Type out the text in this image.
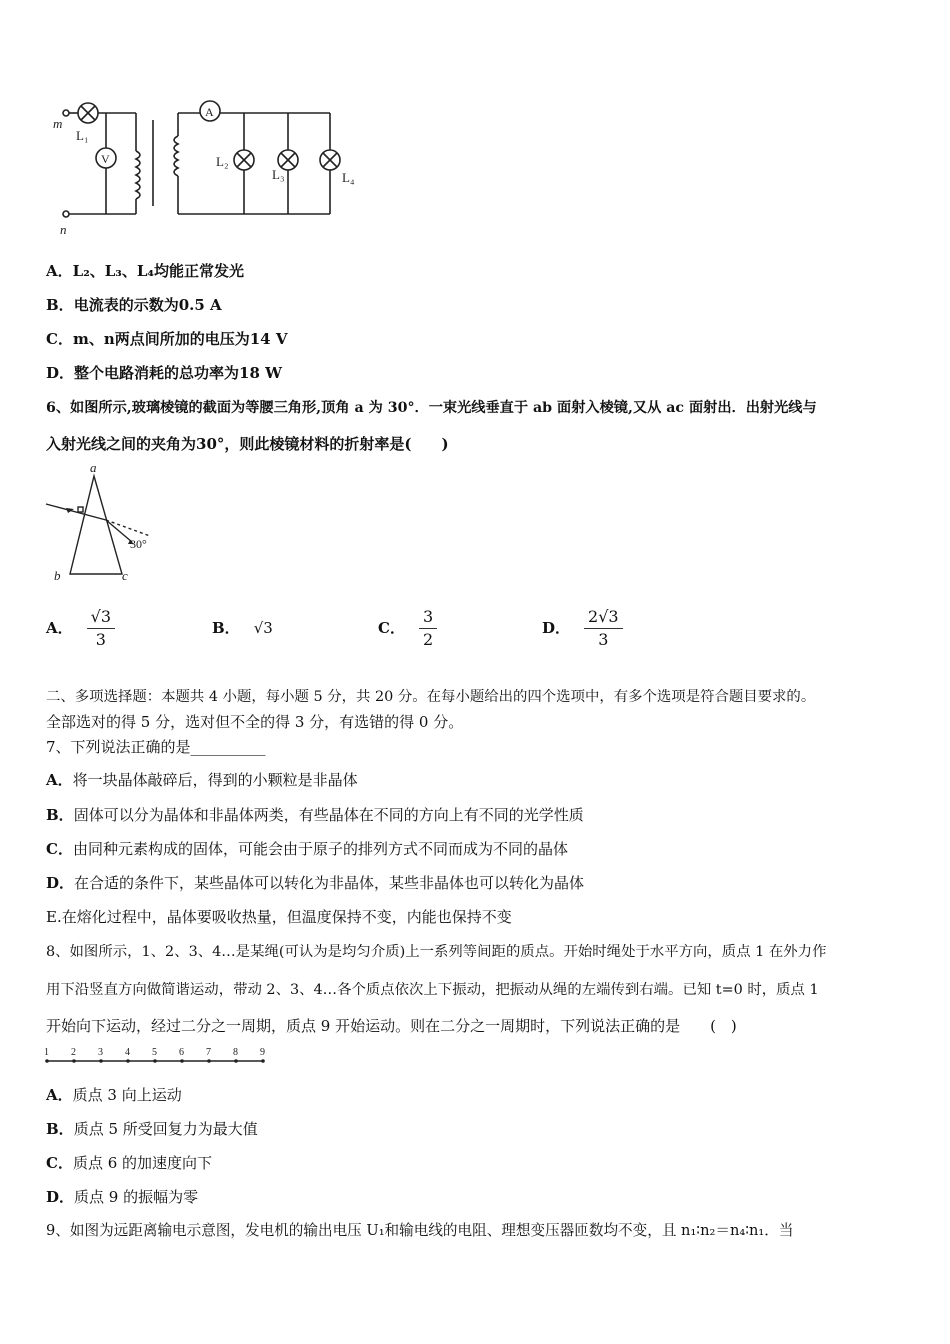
m
n
L₁
V
A
L₂
L₃	L₄
A．L₂、L₃、L₄均能正常发光
B．电流表的示数为0.5 A
C．m、n两点间所加的电压为14 V
D．整个电路消耗的总功率为18 W
6、如图所示,玻璃棱镜的截面为等腰三角形,顶角 a 为 30°．一束光线垂直于 ab 面射入棱镜,又从 ac 面射出．出射光线与
入射光线之间的夹角为30°，则此棱镜材料的折射率是(　　)
a
b	c
30°
A． $\frac{√3}{3}$	B． √3	C． $\frac{3}{2}$	D． $\frac{2√3}{3}$
二、多项选择题：本题共 4 小题，每小题 5 分，共 20 分。在每小题给出的四个选项中，有多个选项是符合题目要求的。
全部选对的得 5 分，选对但不全的得 3 分，有选错的得 0 分。
7、下列说法正确的是__________
A．将一块晶体敲碎后，得到的小颗粒是非晶体
B．固体可以分为晶体和非晶体两类，有些晶体在不同的方向上有不同的光学性质
C．由同种元素构成的固体，可能会由于原子的排列方式不同而成为不同的晶体
D．在合适的条件下，某些晶体可以转化为非晶体，某些非晶体也可以转化为晶体
E.在熔化过程中，晶体要吸收热量，但温度保持不变，内能也保持不变
8、如图所示，1、2、3、4…是某绳(可认为是均匀介质)上一系列等间距的质点。开始时绳处于水平方向，质点 1 在外力作
用下沿竖直方向做简谐运动，带动 2、3、4…各个质点依次上下振动，把振动从绳的左端传到右端。已知 t=0 时，质点 1
开始向下运动，经过二分之一周期，质点 9 开始运动。则在二分之一周期时，下列说法正确的是　　(　)
1 2 3 4 5 6 7 8 9
A．质点 3 向上运动
B．质点 5 所受回复力为最大值
C．质点 6 的加速度向下
D．质点 9 的振幅为零
9、如图为远距离输电示意图，发电机的输出电压 U₁和输电线的电阻、理想变压器匝数均不变，且 n₁∶n₂＝n₄∶n₁．当
